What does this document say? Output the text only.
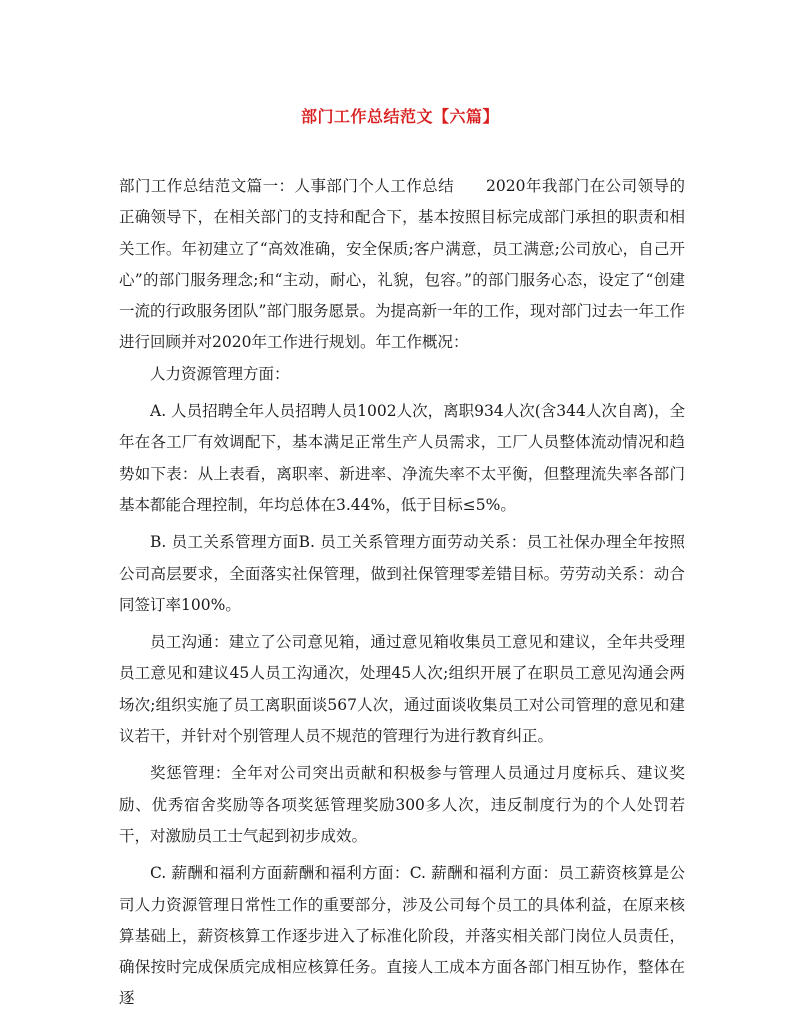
部门工作总结范文【六篇】

部门工作总结范文篇一：人事部门个人工作总结　　2020年我部门在公司领导的正确领导下，在相关部门的支持和配合下，基本按照目标完成部门承担的职责和相关工作。年初建立了“高效准确，安全保质;客户满意，员工满意;公司放心，自己开心”的部门服务理念;和“主动，耐心，礼貌，包容。”的部门服务心态，设定了“创建一流的行政服务团队”部门服务愿景。为提高新一年的工作，现对部门过去一年工作进行回顾并对2020年工作进行规划。年工作概况：

人力资源管理方面：

A. 人员招聘全年人员招聘人员1002人次，离职934人次(含344人次自离)，全年在各工厂有效调配下，基本满足正常生产人员需求，工厂人员整体流动情况和趋势如下表：从上表看，离职率、新进率、净流失率不太平衡，但整理流失率各部门基本都能合理控制，年均总体在3.44%，低于目标≤5%。

B. 员工关系管理方面B. 员工关系管理方面劳动关系：员工社保办理全年按照公司高层要求，全面落实社保管理，做到社保管理零差错目标。劳劳动关系：动合同签订率100%。

员工沟通：建立了公司意见箱，通过意见箱收集员工意见和建议，全年共受理员工意见和建议45人员工沟通次，处理45人次;组织开展了在职员工意见沟通会两场次;组织实施了员工离职面谈567人次，通过面谈收集员工对公司管理的意见和建议若干，并针对个别管理人员不规范的管理行为进行教育纠正。

奖惩管理：全年对公司突出贡献和积极参与管理人员通过月度标兵、建议奖励、优秀宿舍奖励等各项奖惩管理奖励300多人次，违反制度行为的个人处罚若干，对激励员工士气起到初步成效。

C. 薪酬和福利方面薪酬和福利方面：C. 薪酬和福利方面：员工薪资核算是公司人力资源管理日常性工作的重要部分，涉及公司每个员工的具体利益，在原来核算基础上，薪资核算工作逐步进入了标准化阶段，并落实相关部门岗位人员责任，确保按时完成保质完成相应核算任务。直接人工成本方面各部门相互协作，整体在逐
